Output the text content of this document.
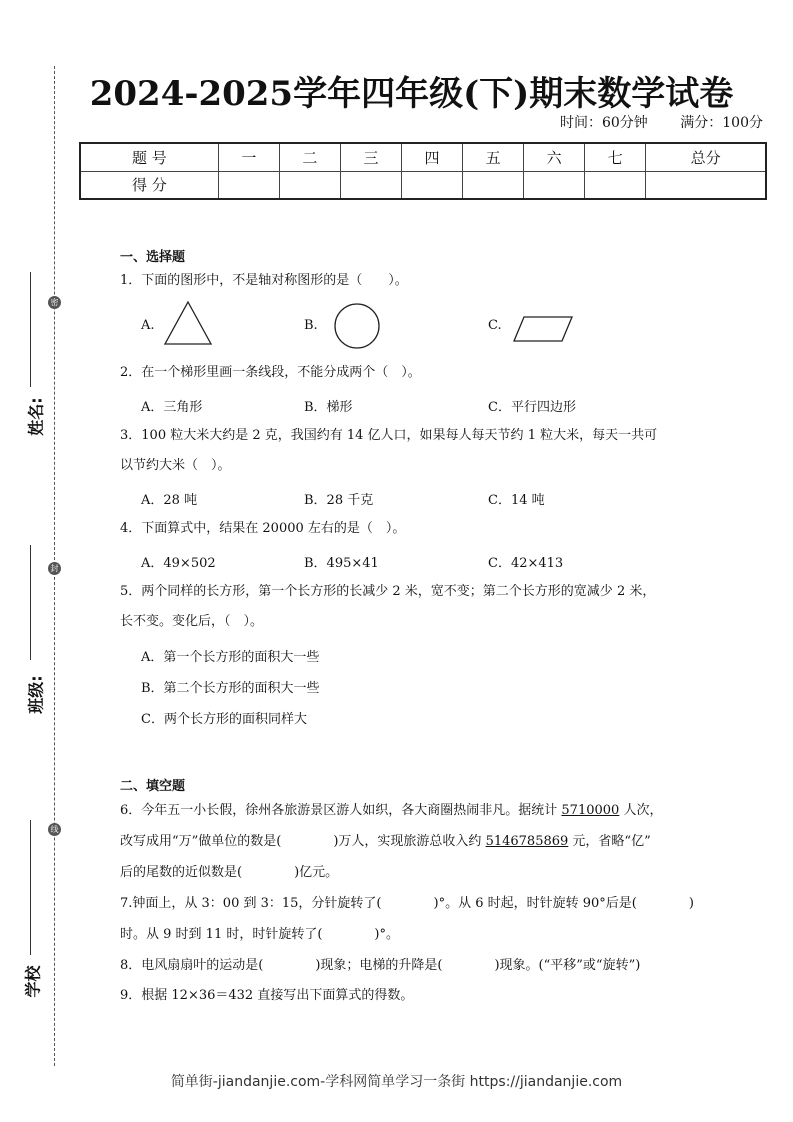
密
封
线
姓名:
班级:
学校
2024-2025学年四年级(下)期末数学试卷
时间：60分钟 满分：100分
题 号	一	二	三	四	五	六	七	总分
得 分								
一、选择题
1．下面的图形中，不是轴对称图形的是（　　）。
A.	B.	C.
2．在一个梯形里画一条线段，不能分成两个（　）。
A．三角形	B．梯形	C．平行四边形
3．100 粒大米大约是 2 克，我国约有 14 亿人口，如果每人每天节约 1 粒大米，每天一共可
以节约大米（　）。
A．28 吨	B．28 千克	C．14 吨
4．下面算式中，结果在 20000 左右的是（　）。
A．49×502	B．495×41	C．42×413
5．两个同样的长方形，第一个长方形的长减少 2 米，宽不变；第二个长方形的宽减少 2 米，
长不变。变化后，（　）。
A．第一个长方形的面积大一些
B．第二个长方形的面积大一些
C．两个长方形的面积同样大
二、填空题
6．今年五一小长假，徐州各旅游景区游人如织，各大商圈热闹非凡。据统计 5710000 人次，
改写成用“万”做单位的数是(　　　　)万人，实现旅游总收入约 5146785869 元，省略“亿”
后的尾数的近似数是(　　　　)亿元。
7.钟面上，从 3：00 到 3：15，分针旋转了(　　　　)°。从 6 时起，时针旋转 90°后是(　　　　)
时。从 9 时到 11 时，时针旋转了(　　　　)°。
8．电风扇扇叶的运动是(　　　　)现象；电梯的升降是(　　　　)现象。(“平移”或“旋转”)
9．根据 12×36＝432 直接写出下面算式的得数。
简单街-jiandanjie.com-学科网简单学习一条街 https://jiandanjie.com
